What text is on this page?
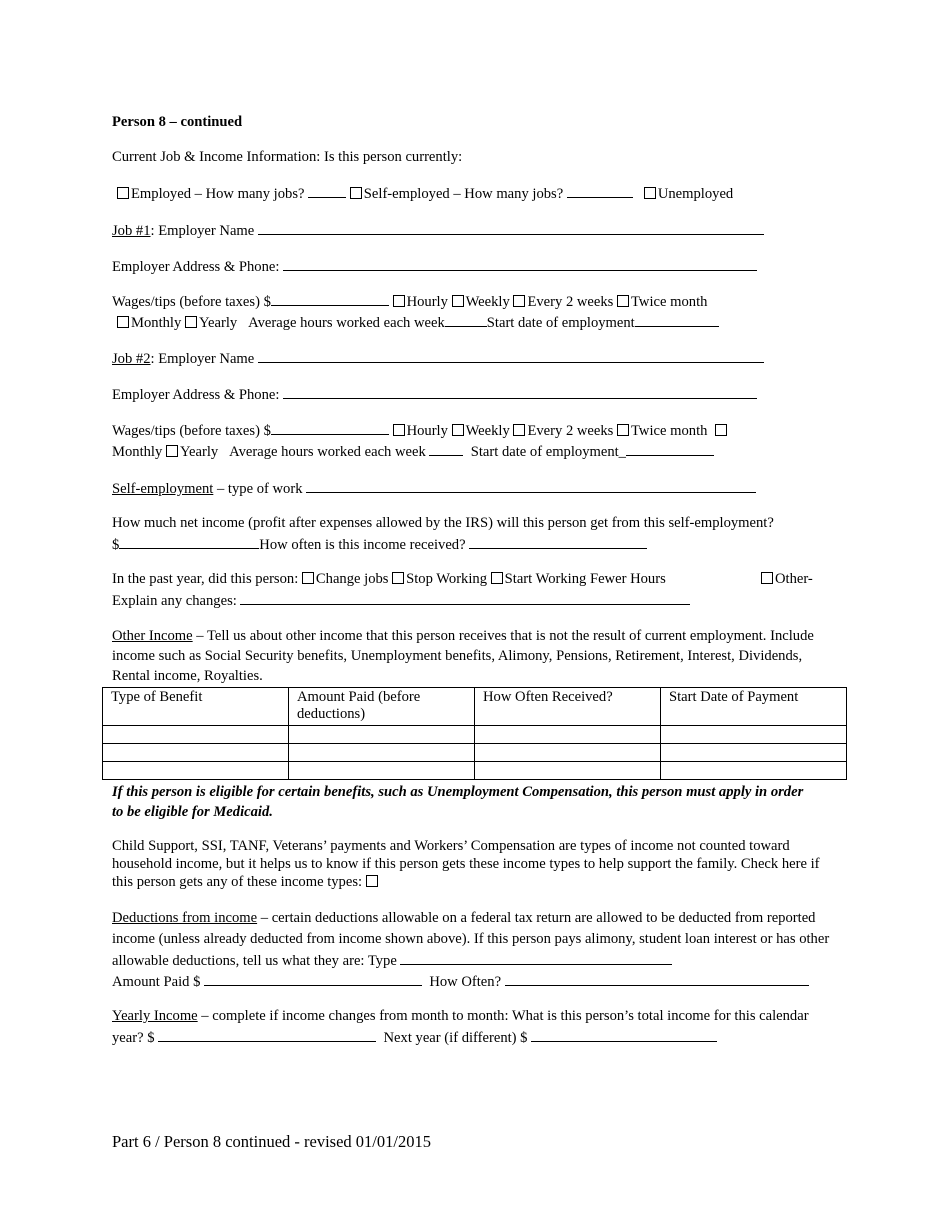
Person 8 – continued
Current Job & Income Information: Is this person currently:
Employed – How many jobs?	Self-employed – How many jobs?	Unemployed
Job #1: Employer Name
Employer Address & Phone:
Wages/tips (before taxes) $	Hourly Weekly Every 2 weeks Twice month
Monthly Yearly Average hours worked each week	Start date of employment
Job #2: Employer Name
Employer Address & Phone:
Wages/tips (before taxes) $	Hourly Weekly Every 2 weeks Twice month
Monthly Yearly Average hours worked each week	Start date of employment_
Self-employment – type of work
How much net income (profit after expenses allowed by the IRS) will this person get from this self-employment?
$	How often is this income received?
In the past year, did this person: Change jobs Stop Working Start Working Fewer Hours	Other-
Explain any changes:
Other Income – Tell us about other income that this person receives that is not the result of current employment. Include income such as Social Security benefits, Unemployment benefits, Alimony, Pensions, Retirement, Interest, Dividends, Rental income, Royalties.
Type of Benefit	Amount Paid (before deductions)	How Often Received?	Start Date of Payment

If this person is eligible for certain benefits, such as Unemployment Compensation, this person must apply in order to be eligible for Medicaid.
Child Support, SSI, TANF, Veterans’ payments and Workers’ Compensation are types of income not counted toward household income, but it helps us to know if this person gets these income types to help support the family. Check here if this person gets any of these income types:
Deductions from income – certain deductions allowable on a federal tax return are allowed to be deducted from reported income (unless already deducted from income shown above). If this person pays alimony, student loan interest or has other allowable deductions, tell us what they are: Type
Amount Paid $	How Often?
Yearly Income – complete if income changes from month to month: What is this person’s total income for this calendar year? $	Next year (if different) $
Part 6 / Person 8 continued - revised 01/01/2015
